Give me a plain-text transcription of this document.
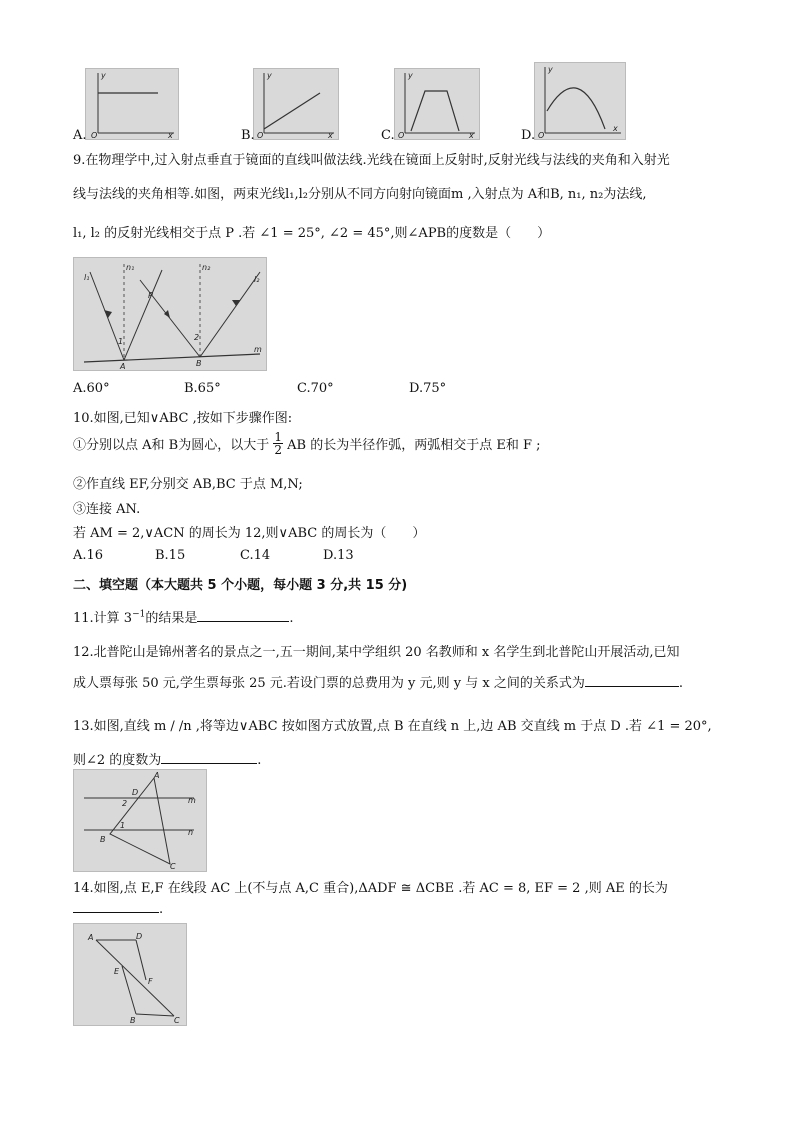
y
x
O
A.
y
x
O
B.
y
x
O
C.
y
x
O
D.
9.在物理学中,过入射点垂直于镜面的直线叫做法线.光线在镜面上反射时,反射光线与法线的夹角和入射光
线与法线的夹角相等.如图，两束光线l₁,l₂分别从不同方向射向镜面m ,入射点为 A和B, n₁, n₂为法线,
l₁, l₂ 的反射光线相交于点 P .若 ∠1 = 25°, ∠2 = 45°,则∠APB的度数是（　　）
l₁
n₁	n₂
l₂
P
1	2
A	B
m
A.60°	B.65°	C.70°	D.75°
10.如图,已知∨ABC ,按如下步骤作图:
①分别以点 A和 B为圆心，以大于 $\frac{1}{2}$ AB 的长为半径作弧，两弧相交于点 E和 F ;
②作直线 EF,分别交 AB,BC 于点 M,N;
③连接 AN.
若 AM = 2,∨ACN 的周长为 12,则∨ABC 的周长为（　　）
A.16	B.15	C.14	D.13
二、填空题（本大题共 5 个小题，每小题 3 分,共 15 分)
11.计算 $3^{-1}$的结果是	.
12.北普陀山是锦州著名的景点之一,五一期间,某中学组织 20 名教师和 x 名学生到北普陀山开展活动,已知
成人票每张 50 元,学生票每张 25 元.若设门票的总费用为 y 元,则 y 与 x 之间的关系式为	.
13.如图,直线 m / /n ,将等边∨ABC 按如图方式放置,点 B 在直线 n 上,边 AB 交直线 m 于点 D .若 ∠1 = 20°,
则∠2 的度数为	.
A
D
2	m
1
n
B
C
14.如图,点 E,F 在线段 AC 上(不与点 A,C 重合),ΔADF ≅ ΔCBE .若 AC = 8, EF = 2 ,则 AE 的长为
.
A	D
E
F
B	C
